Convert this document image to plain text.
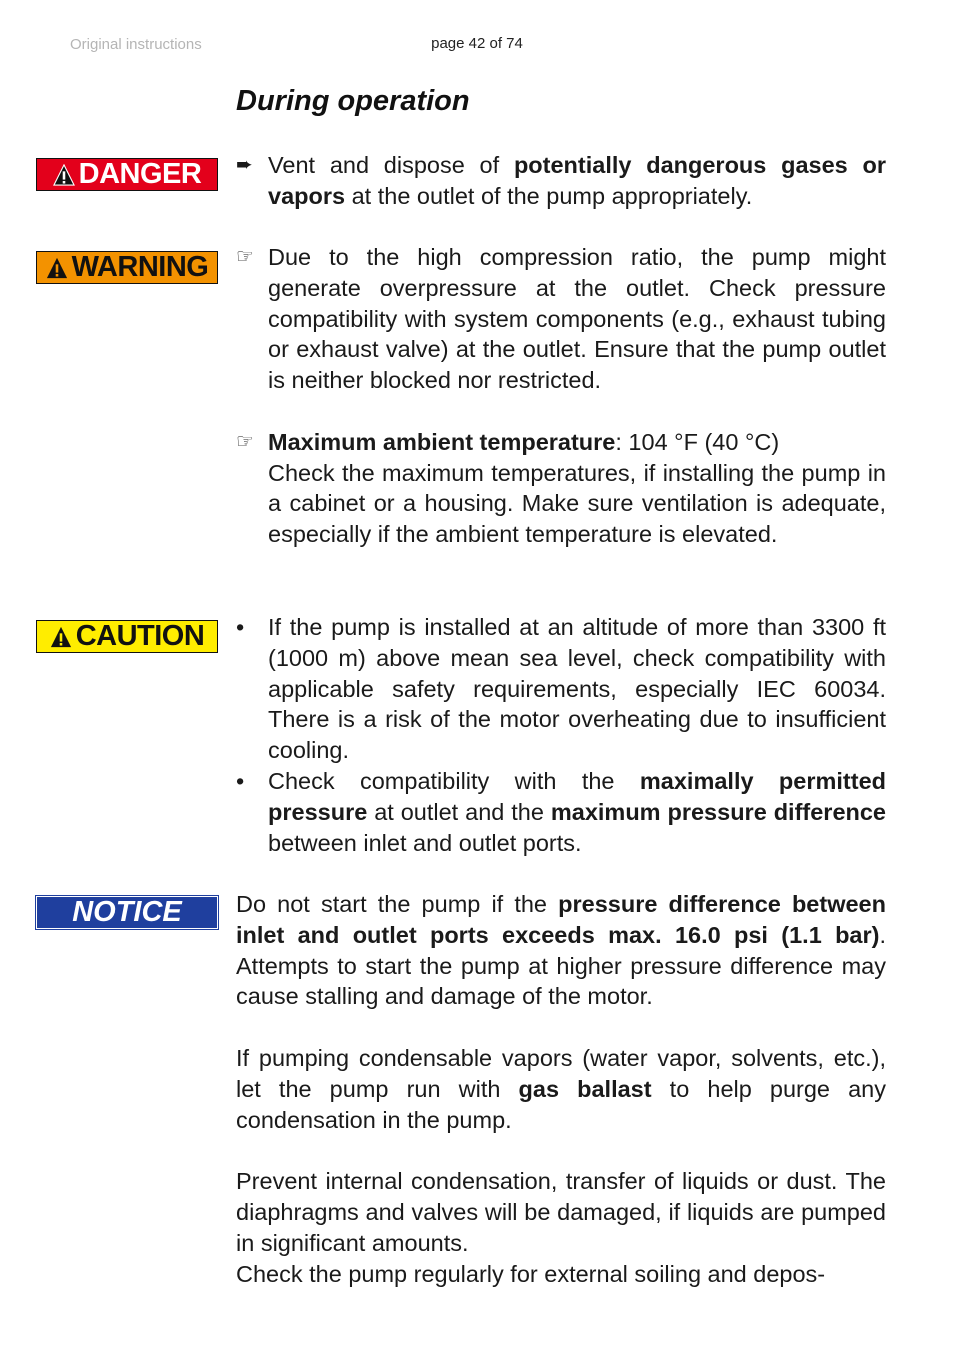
Original instructions	page 42 of 74
During operation
DANGER
WARNING
CAUTION
NOTICE
➨ Vent and dispose of potentially dangerous gases or vapors at the outlet of the pump appropriately.
☞ Due to the high compression ratio, the pump might generate overpressure at the outlet. Check pressure compatibility with system components (e.g., exhaust tubing or exhaust valve) at the outlet. Ensure that the pump outlet is neither blocked nor restricted.
☞ Maximum ambient temperature: 104 °F (40 °C)
Check the maximum temperatures, if installing the pump in a cabinet or a housing. Make sure ventilation is adequate, especially if the ambient temperature is elevated.
•	If the pump is installed at an altitude of more than 3300 ft (1000 m) above mean sea level, check compatibility with applicable safety requirements, especially IEC 60034. There is a risk of the motor overheating due to insufficient cooling.
•	Check compatibility with the maximally permitted pressure at outlet and the maximum pressure difference between inlet and outlet ports.
Do not start the pump if the pressure difference between inlet and outlet ports exceeds max. 16.0 psi (1.1 bar). Attempts to start the pump at higher pressure difference may cause stalling and damage of the motor.
If pumping condensable vapors (water vapor, solvents, etc.), let the pump run with gas ballast to help purge any condensation in the pump.
Prevent internal condensation, transfer of liquids or dust. The diaphragms and valves will be damaged, if liquids are pumped in significant amounts.
Check the pump regularly for external soiling and depos-
